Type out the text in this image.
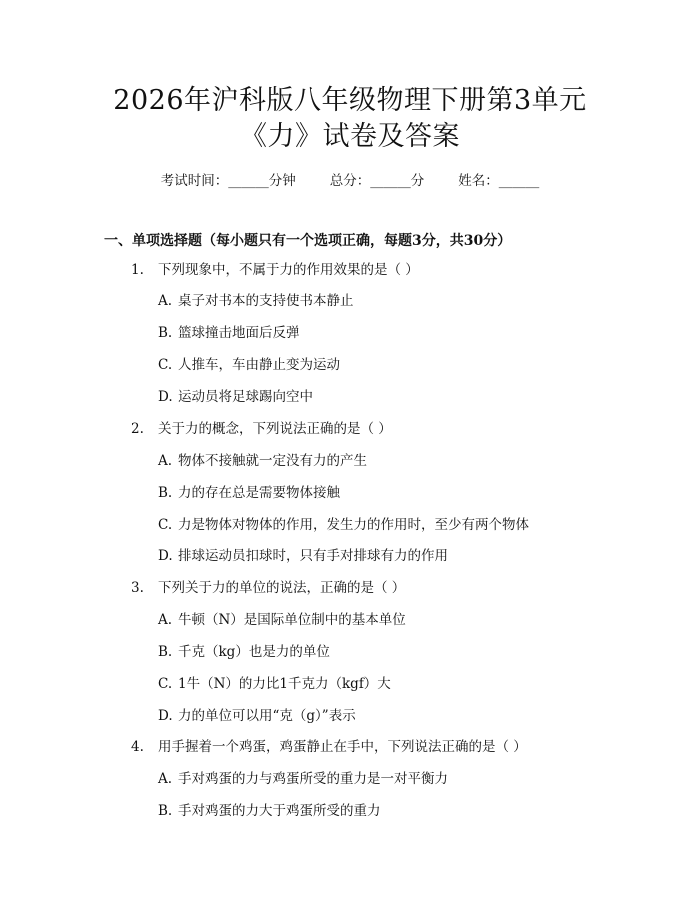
2026年沪科版八年级物理下册第3单元
《力》试卷及答案
考试时间：______分钟	总分：______分	姓名：______
一、单项选择题（每小题只有一个选项正确，每题3分，共30分）
1. 下列现象中，不属于力的作用效果的是（ ）
A. 桌子对书本的支持使书本静止
B. 篮球撞击地面后反弹
C. 人推车，车由静止变为运动
D. 运动员将足球踢向空中
2. 关于力的概念，下列说法正确的是（ ）
A. 物体不接触就一定没有力的产生
B. 力的存在总是需要物体接触
C. 力是物体对物体的作用，发生力的作用时，至少有两个物体
D. 排球运动员扣球时，只有手对排球有力的作用
3. 下列关于力的单位的说法，正确的是（ ）
A. 牛顿（N）是国际单位制中的基本单位
B. 千克（kg）也是力的单位
C. 1牛（N）的力比1千克力（kgf）大
D. 力的单位可以用“克（g）”表示
4. 用手握着一个鸡蛋，鸡蛋静止在手中，下列说法正确的是（ ）
A. 手对鸡蛋的力与鸡蛋所受的重力是一对平衡力
B. 手对鸡蛋的力大于鸡蛋所受的重力
